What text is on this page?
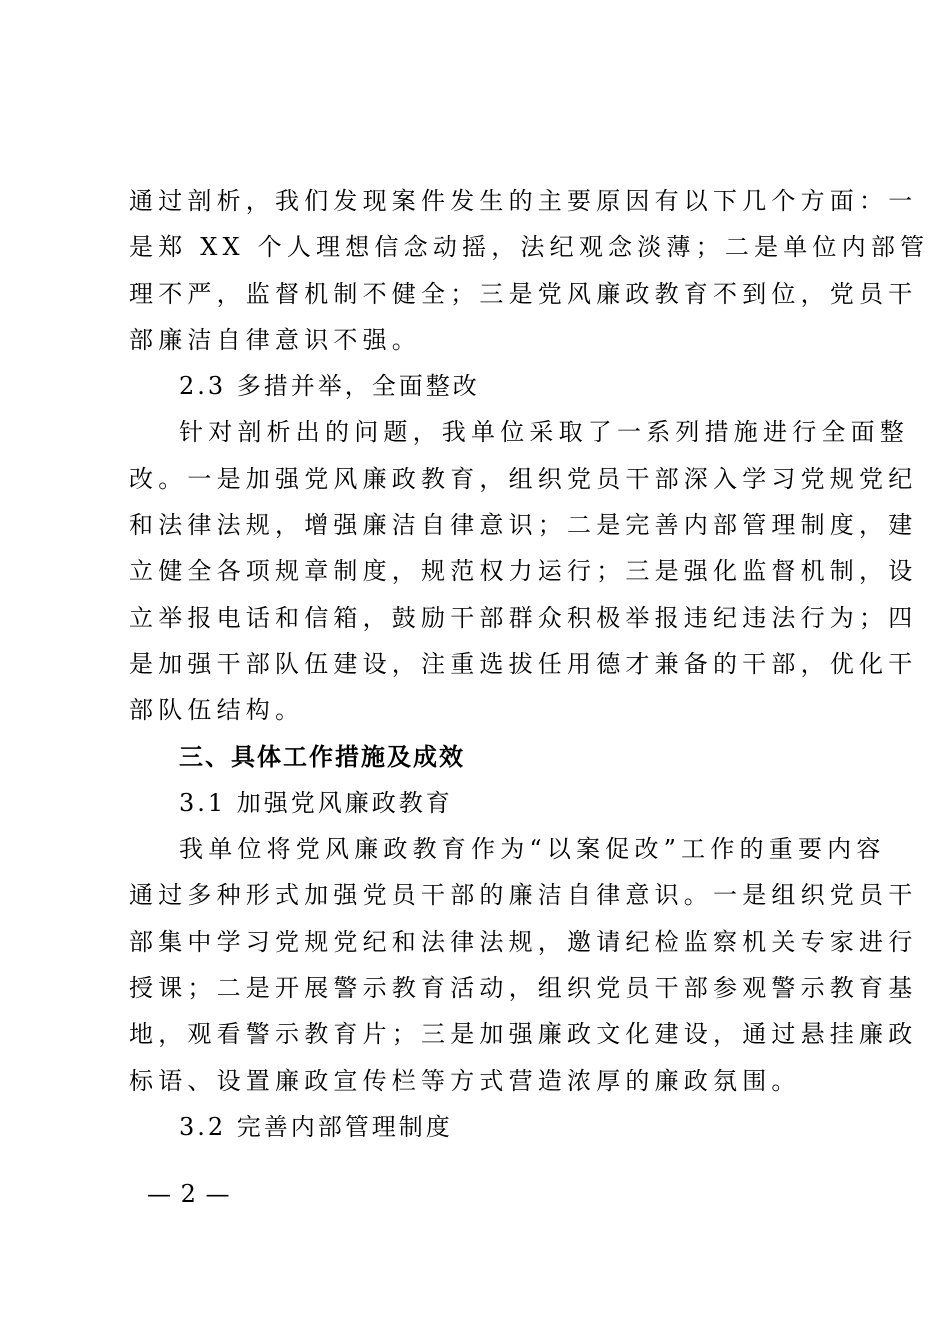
通过剖析，我们发现案件发生的主要原因有以下几个方面：一
是郑 XX 个人理想信念动摇，法纪观念淡薄；二是单位内部管
理不严，监督机制不健全；三是党风廉政教育不到位，党员干
部廉洁自律意识不强。
2.3 多措并举，全面整改
针对剖析出的问题，我单位采取了一系列措施进行全面整
改。一是加强党风廉政教育，组织党员干部深入学习党规党纪
和法律法规，增强廉洁自律意识；二是完善内部管理制度，建
立健全各项规章制度，规范权力运行；三是强化监督机制，设
立举报电话和信箱，鼓励干部群众积极举报违纪违法行为；四
是加强干部队伍建设，注重选拔任用德才兼备的干部，优化干
部队伍结构。
三、具体工作措施及成效
3.1 加强党风廉政教育
我单位将党风廉政教育作为“以案促改”工作的重要内容
通过多种形式加强党员干部的廉洁自律意识。一是组织党员干
部集中学习党规党纪和法律法规，邀请纪检监察机关专家进行
授课；二是开展警示教育活动，组织党员干部参观警示教育基
地，观看警示教育片；三是加强廉政文化建设，通过悬挂廉政
标语、设置廉政宣传栏等方式营造浓厚的廉政氛围。
3.2 完善内部管理制度
— 2 —
